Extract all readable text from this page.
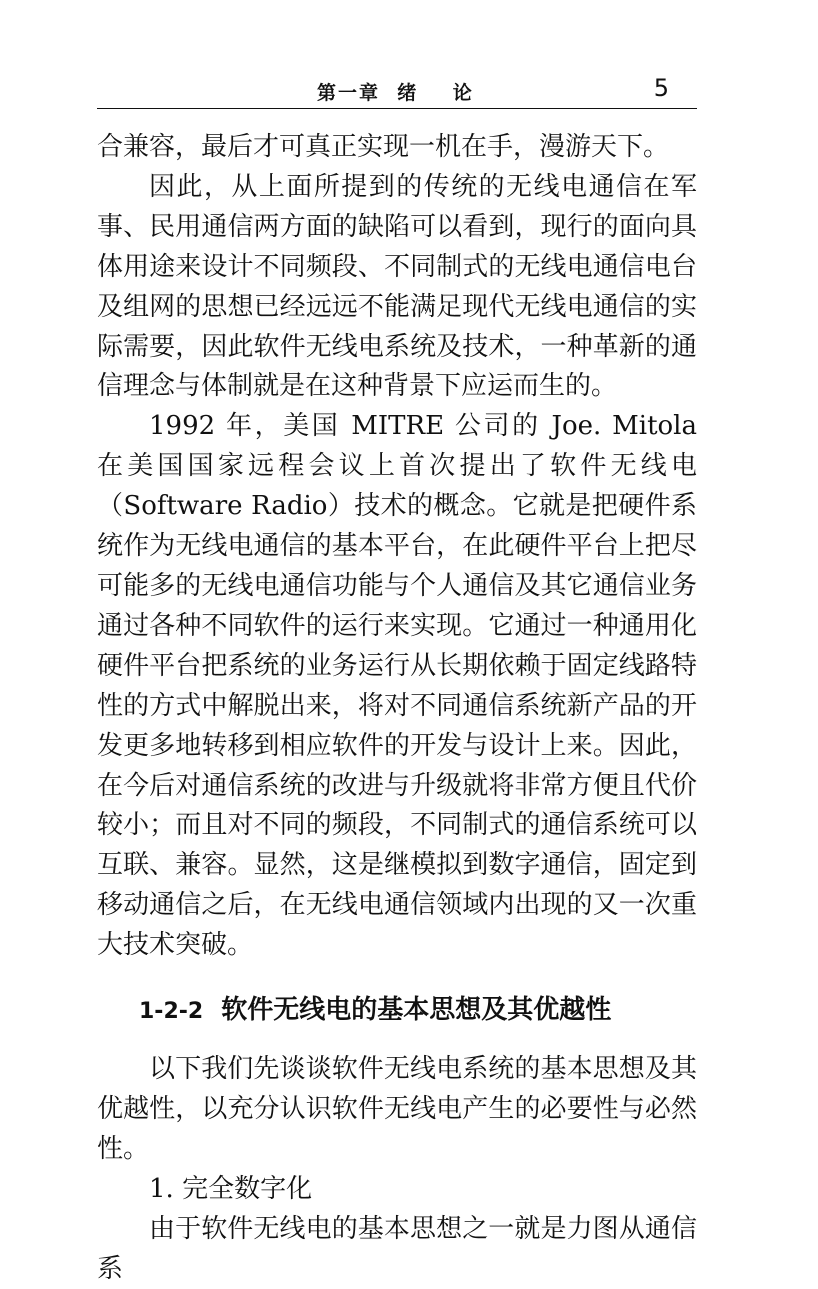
第一章  绪    论	5

合兼容，最后才可真正实现一机在手，漫游天下。

因此，从上面所提到的传统的无线电通信在军事、民用通信两方面的缺陷可以看到，现行的面向具体用途来设计不同频段、不同制式的无线电通信电台及组网的思想已经远远不能满足现代无线电通信的实际需要，因此软件无线电系统及技术，一种革新的通信理念与体制就是在这种背景下应运而生的。

1992 年，美国 MITRE 公司的 Joe. Mitola 在美国国家远程会议上首次提出了软件无线电（Software Radio）技术的概念。它就是把硬件系统作为无线电通信的基本平台，在此硬件平台上把尽可能多的无线电通信功能与个人通信及其它通信业务通过各种不同软件的运行来实现。它通过一种通用化硬件平台把系统的业务运行从长期依赖于固定线路特性的方式中解脱出来，将对不同通信系统新产品的开发更多地转移到相应软件的开发与设计上来。因此，在今后对通信系统的改进与升级就将非常方便且代价较小；而且对不同的频段，不同制式的通信系统可以互联、兼容。显然，这是继模拟到数字通信，固定到移动通信之后，在无线电通信领域内出现的又一次重大技术突破。

1-2-2 软件无线电的基本思想及其优越性

以下我们先谈谈软件无线电系统的基本思想及其优越性，以充分认识软件无线电产生的必要性与必然性。

1. 完全数字化

由于软件无线电的基本思想之一就是力图从通信系
